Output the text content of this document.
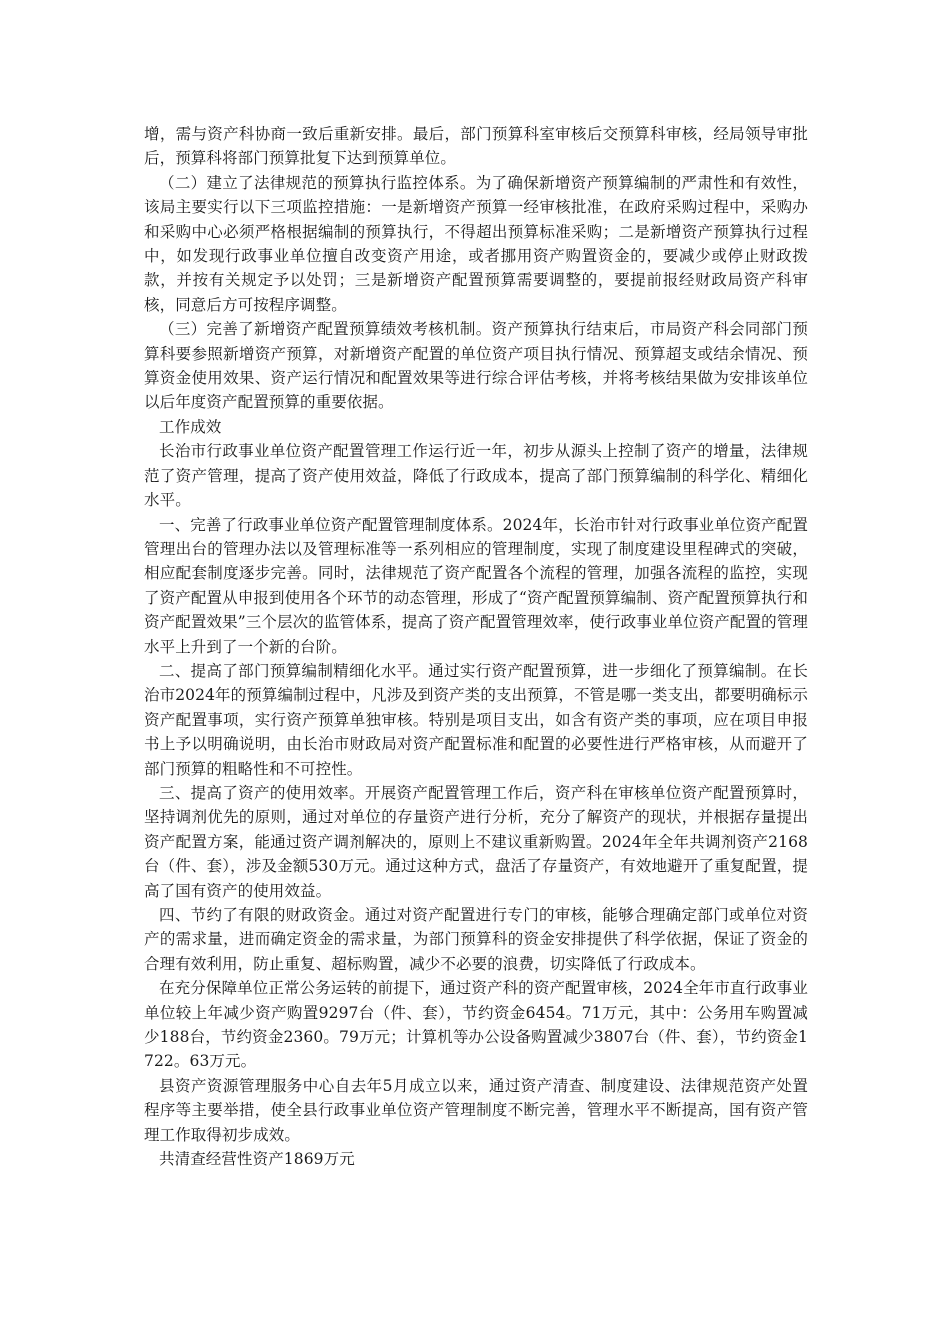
增，需与资产科协商一致后重新安排。最后，部门预算科室审核后交预算科审核，经局领导审批后，预算科将部门预算批复下达到预算单位。

（二）建立了法律规范的预算执行监控体系。为了确保新增资产预算编制的严肃性和有效性，该局主要实行以下三项监控措施：一是新增资产预算一经审核批准，在政府采购过程中，采购办和采购中心必须严格根据编制的预算执行，不得超出预算标准采购；二是新增资产预算执行过程中，如发现行政事业单位擅自改变资产用途，或者挪用资产购置资金的，要减少或停止财政拨款，并按有关规定予以处罚；三是新增资产配置预算需要调整的，要提前报经财政局资产科审核，同意后方可按程序调整。

（三）完善了新增资产配置预算绩效考核机制。资产预算执行结束后，市局资产科会同部门预算科要参照新增资产预算，对新增资产配置的单位资产项目执行情况、预算超支或结余情况、预算资金使用效果、资产运行情况和配置效果等进行综合评估考核，并将考核结果做为安排该单位以后年度资产配置预算的重要依据。

工作成效

长治市行政事业单位资产配置管理工作运行近一年，初步从源头上控制了资产的增量，法律规范了资产管理，提高了资产使用效益，降低了行政成本，提高了部门预算编制的科学化、精细化水平。

一、完善了行政事业单位资产配置管理制度体系。2024年，长治市针对行政事业单位资产配置管理出台的管理办法以及管理标准等一系列相应的管理制度，实现了制度建设里程碑式的突破，相应配套制度逐步完善。同时，法律规范了资产配置各个流程的管理，加强各流程的监控，实现了资产配置从申报到使用各个环节的动态管理，形成了“资产配置预算编制、资产配置预算执行和资产配置效果”三个层次的监管体系，提高了资产配置管理效率，使行政事业单位资产配置的管理水平上升到了一个新的台阶。

二、提高了部门预算编制精细化水平。通过实行资产配置预算，进一步细化了预算编制。在长治市2024年的预算编制过程中，凡涉及到资产类的支出预算，不管是哪一类支出，都要明确标示资产配置事项，实行资产预算单独审核。特别是项目支出，如含有资产类的事项，应在项目申报书上予以明确说明，由长治市财政局对资产配置标准和配置的必要性进行严格审核，从而避开了部门预算的粗略性和不可控性。

三、提高了资产的使用效率。开展资产配置管理工作后，资产科在审核单位资产配置预算时，坚持调剂优先的原则，通过对单位的存量资产进行分析，充分了解资产的现状，并根据存量提出资产配置方案，能通过资产调剂解决的，原则上不建议重新购置。2024年全年共调剂资产2168台（件、套），涉及金额530万元。通过这种方式，盘活了存量资产，有效地避开了重复配置，提高了国有资产的使用效益。

四、节约了有限的财政资金。通过对资产配置进行专门的审核，能够合理确定部门或单位对资产的需求量，进而确定资金的需求量，为部门预算科的资金安排提供了科学依据，保证了资金的合理有效利用，防止重复、超标购置，减少不必要的浪费，切实降低了行政成本。

在充分保障单位正常公务运转的前提下，通过资产科的资产配置审核，2024全年市直行政事业单位较上年减少资产购置9297台（件、套），节约资金6454。71万元，其中：公务用车购置减少188台，节约资金2360。79万元；计算机等办公设备购置减少3807台（件、套），节约资金1722。63万元。

县资产资源管理服务中心自去年5月成立以来，通过资产清查、制度建设、法律规范资产处置程序等主要举措，使全县行政事业单位资产管理制度不断完善，管理水平不断提高，国有资产管理工作取得初步成效。

共清查经营性资产1869万元
